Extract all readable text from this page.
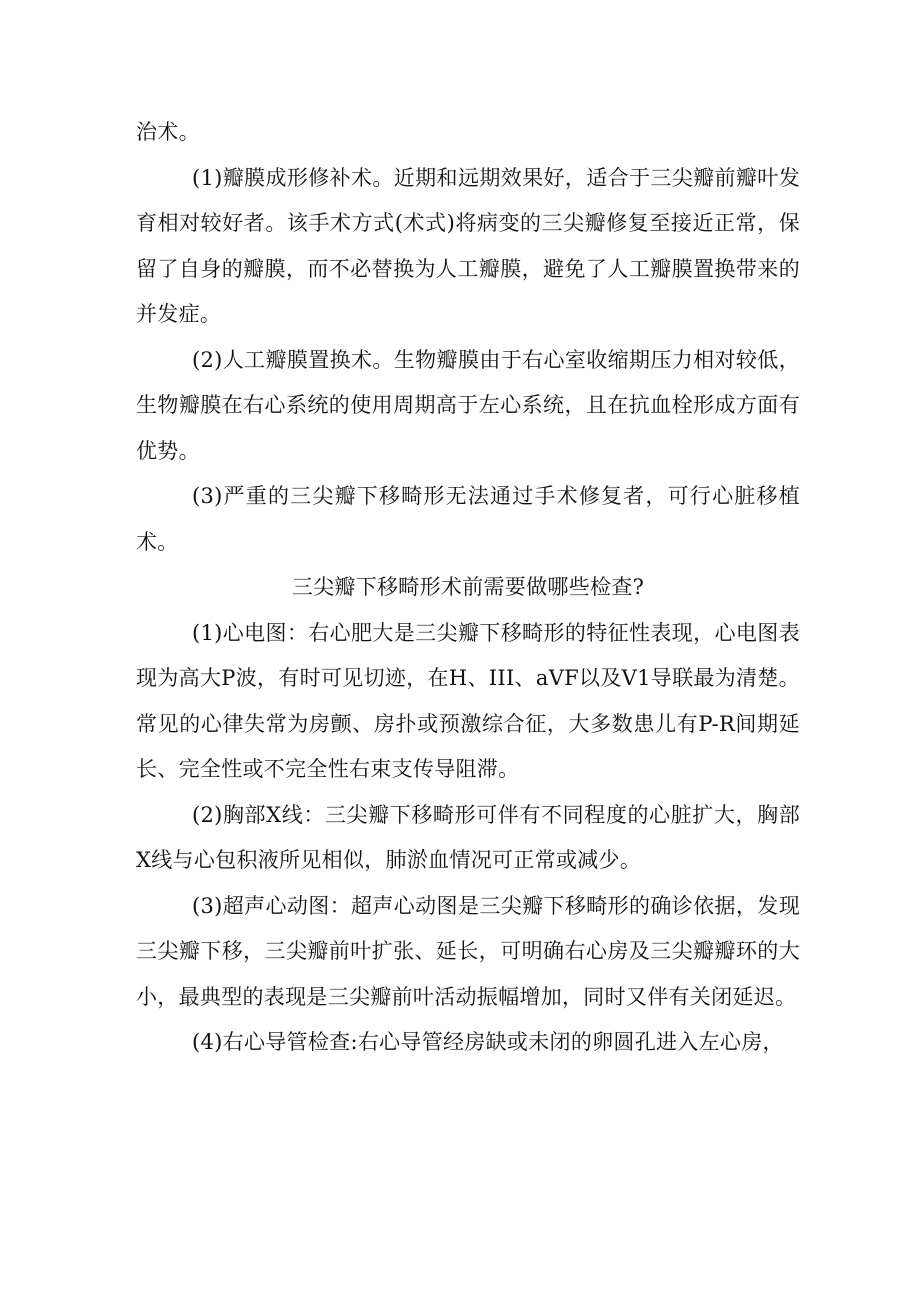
治术。

(1)瓣膜成形修补术。近期和远期效果好，适合于三尖瓣前瓣叶发育相对较好者。该手术方式(术式)将病变的三尖瓣修复至接近正常，保留了自身的瓣膜，而不必替换为人工瓣膜，避免了人工瓣膜置换带来的并发症。

(2)人工瓣膜置换术。生物瓣膜由于右心室收缩期压力相对较低，生物瓣膜在右心系统的使用周期高于左心系统，且在抗血栓形成方面有优势。

(3)严重的三尖瓣下移畸形无法通过手术修复者，可行心脏移植术。

三尖瓣下移畸形术前需要做哪些检查?

(1)心电图：右心肥大是三尖瓣下移畸形的特征性表现，心电图表现为高大P波，有时可见切迹，在H、III、aVF以及V1导联最为清楚。常见的心律失常为房颤、房扑或预激综合征，大多数患儿有P-R间期延长、完全性或不完全性右束支传导阻滞。

(2)胸部X线：三尖瓣下移畸形可伴有不同程度的心脏扩大，胸部X线与心包积液所见相似，肺淤血情况可正常或减少。

(3)超声心动图：超声心动图是三尖瓣下移畸形的确诊依据，发现三尖瓣下移，三尖瓣前叶扩张、延长，可明确右心房及三尖瓣瓣环的大小，最典型的表现是三尖瓣前叶活动振幅增加，同时又伴有关闭延迟。

(4)右心导管检查:右心导管经房缺或未闭的卵圆孔进入左心房，
